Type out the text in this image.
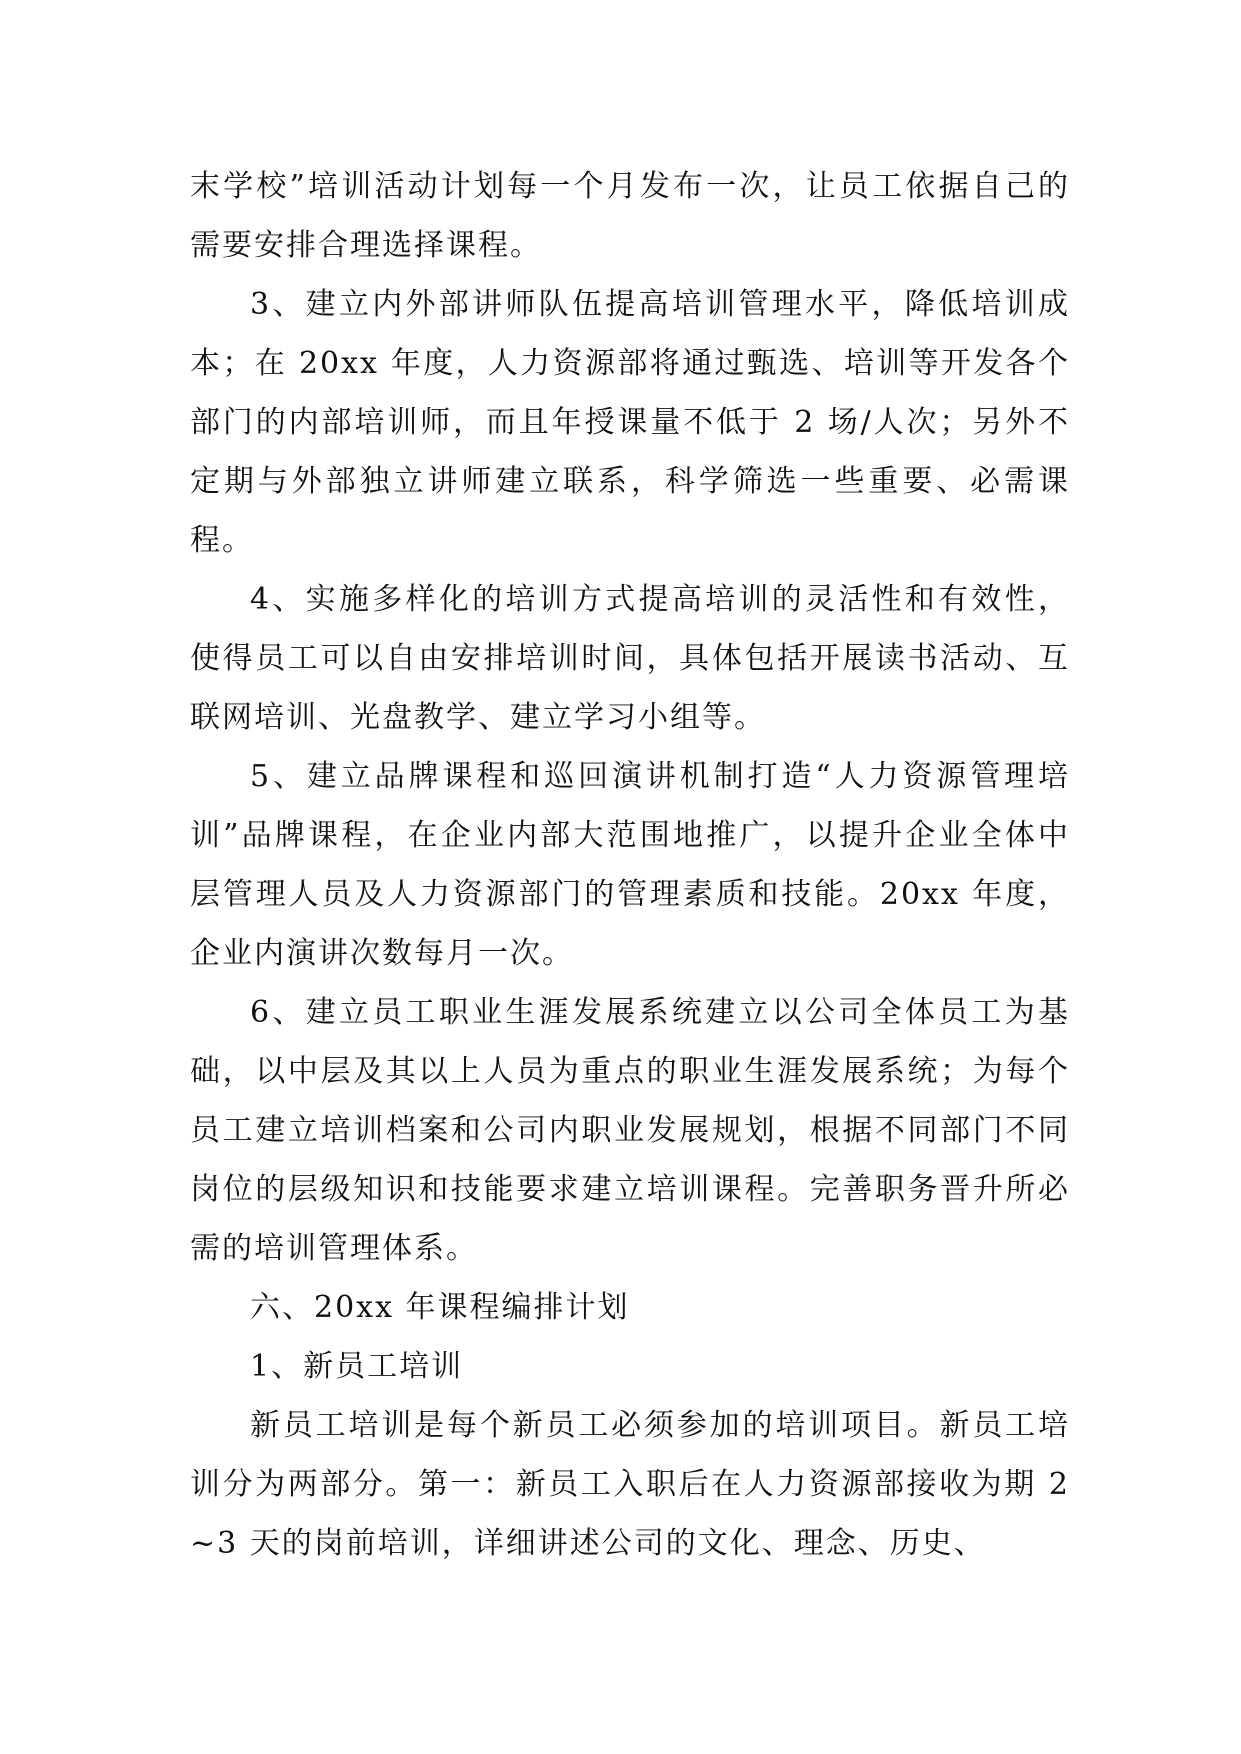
末学校”培训活动计划每一个月发布一次，让员工依据自己的需要安排合理选择课程。

3、建立内外部讲师队伍提高培训管理水平，降低培训成本；在 20xx 年度，人力资源部将通过甄选、培训等开发各个部门的内部培训师，而且年授课量不低于 2 场/人次；另外不定期与外部独立讲师建立联系，科学筛选一些重要、必需课程。

4、实施多样化的培训方式提高培训的灵活性和有效性，使得员工可以自由安排培训时间，具体包括开展读书活动、互联网培训、光盘教学、建立学习小组等。

5、建立品牌课程和巡回演讲机制打造“人力资源管理培训”品牌课程，在企业内部大范围地推广，以提升企业全体中层管理人员及人力资源部门的管理素质和技能。20xx 年度，企业内演讲次数每月一次。

6、建立员工职业生涯发展系统建立以公司全体员工为基础，以中层及其以上人员为重点的职业生涯发展系统；为每个员工建立培训档案和公司内职业发展规划，根据不同部门不同岗位的层级知识和技能要求建立培训课程。完善职务晋升所必需的培训管理体系。

六、20xx 年课程编排计划

1、新员工培训

新员工培训是每个新员工必须参加的培训项目。新员工培训分为两部分。第一：新员工入职后在人力资源部接收为期 2~3 天的岗前培训，详细讲述公司的文化、理念、历史、
